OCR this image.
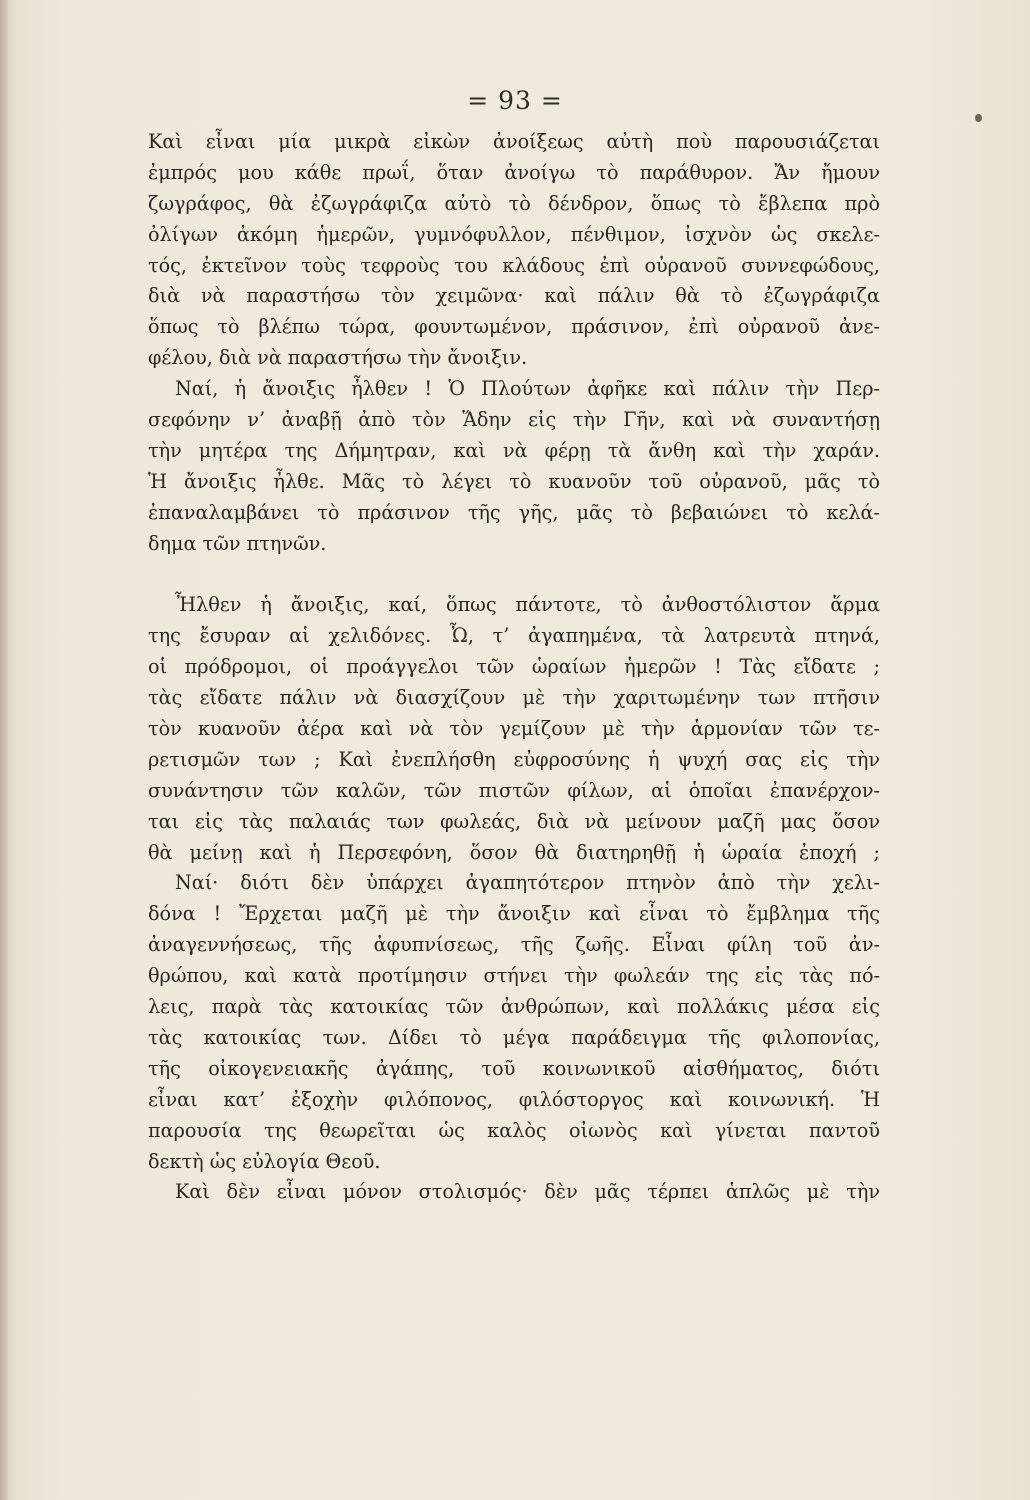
= 93 =
Καὶ εἶναι μία μικρὰ εἰκὼν ἀνοίξεως αὐτὴ ποὺ παρουσιάζεται
ἐμπρός μου κάθε πρωΐ, ὅταν ἀνοίγω τὸ παράθυρον. Ἄν ἤμουν
ζωγράφος, θὰ ἐζωγράφιζα αὐτὸ τὸ δένδρον, ὅπως τὸ ἔβλεπα πρὸ
ὀλίγων ἀκόμη ἡμερῶν, γυμνόφυλλον, πένθιμον, ἰσχνὸν ὡς σκελε-
τός, ἐκτεῖνον τοὺς τεφροὺς του κλάδους ἐπὶ οὐρανοῦ συννεφώδους,
διὰ νὰ παραστήσω τὸν χειμῶνα· καὶ πάλιν θὰ τὸ ἐζωγράφιζα
ὅπως τὸ βλέπω τώρα, φουντωμένον, πράσινον, ἐπὶ οὐρανοῦ ἀνε-
φέλου, διὰ νὰ παραστήσω τὴν ἄνοιξιν.
Ναί, ἡ ἄνοιξις ἦλθεν ! Ὁ Πλούτων ἀφῆκε καὶ πάλιν τὴν Περ-
σεφόνην ν’ ἀναβῇ ἀπὸ τὸν Ἅδην εἰς τὴν Γῆν, καὶ νὰ συναντήσῃ
τὴν μητέρα της Δήμητραν, καὶ νὰ φέρῃ τὰ ἄνθη καὶ τὴν χαράν.
Ἡ ἄνοιξις ἦλθε. Μᾶς τὸ λέγει τὸ κυανοῦν τοῦ οὐρανοῦ, μᾶς τὸ
ἐπαναλαμβάνει τὸ πράσινον τῆς γῆς, μᾶς τὸ βεβαιώνει τὸ κελά-
δημα τῶν πτηνῶν.
Ἦλθεν ἡ ἄνοιξις, καί, ὅπως πάντοτε, τὸ ἀνθοστόλιστον ἅρμα
της ἔσυραν αἱ χελιδόνες. Ὦ, τ’ ἀγαπημένα, τὰ λατρευτὰ πτηνά,
οἱ πρόδρομοι, οἱ προάγγελοι τῶν ὡραίων ἡμερῶν ! Τὰς εἴδατε ;
τὰς εἴδατε πάλιν νὰ διασχίζουν μὲ τὴν χαριτωμένην των πτῆσιν
τὸν κυανοῦν ἀέρα καὶ νὰ τὸν γεμίζουν μὲ τὴν ἁρμονίαν τῶν τε-
ρετισμῶν των ; Καὶ ἐνεπλήσθη εὐφροσύνης ἡ ψυχή σας εἰς τὴν
συνάντησιν τῶν καλῶν, τῶν πιστῶν φίλων, αἱ ὁποῖαι ἐπανέρχον-
ται εἰς τὰς παλαιάς των φωλεάς, διὰ νὰ μείνουν μαζῆ μας ὅσον
θὰ μείνῃ καὶ ἡ Περσεφόνη, ὅσον θὰ διατηρηθῇ ἡ ὡραία ἐποχή ;
Ναί· διότι δὲν ὑπάρχει ἀγαπητότερον πτηνὸν ἀπὸ τὴν χελι-
δόνα ! Ἔρχεται μαζῆ μὲ τὴν ἄνοιξιν καὶ εἶναι τὸ ἔμβλημα τῆς
ἀναγεννήσεως, τῆς ἀφυπνίσεως, τῆς ζωῆς. Εἶναι φίλη τοῦ ἀν-
θρώπου, καὶ κατὰ προτίμησιν στήνει τὴν φωλεάν της εἰς τὰς πό-
λεις, παρὰ τὰς κατοικίας τῶν ἀνθρώπων, καὶ πολλάκις μέσα εἰς
τὰς κατοικίας των. Δίδει τὸ μέγα παράδειγμα τῆς φιλοπονίας,
τῆς οἰκογενειακῆς ἀγάπης, τοῦ κοινωνικοῦ αἰσθήματος, διότι
εἶναι κατ’ ἐξοχὴν φιλόπονος, φιλόστοργος καὶ κοινωνική. Ἡ
παρουσία της θεωρεῖται ὡς καλὸς οἰωνὸς καὶ γίνεται παντοῦ
δεκτὴ ὡς εὐλογία Θεοῦ.
Καὶ δὲν εἶναι μόνον στολισμός· δὲν μᾶς τέρπει ἁπλῶς μὲ τὴν
